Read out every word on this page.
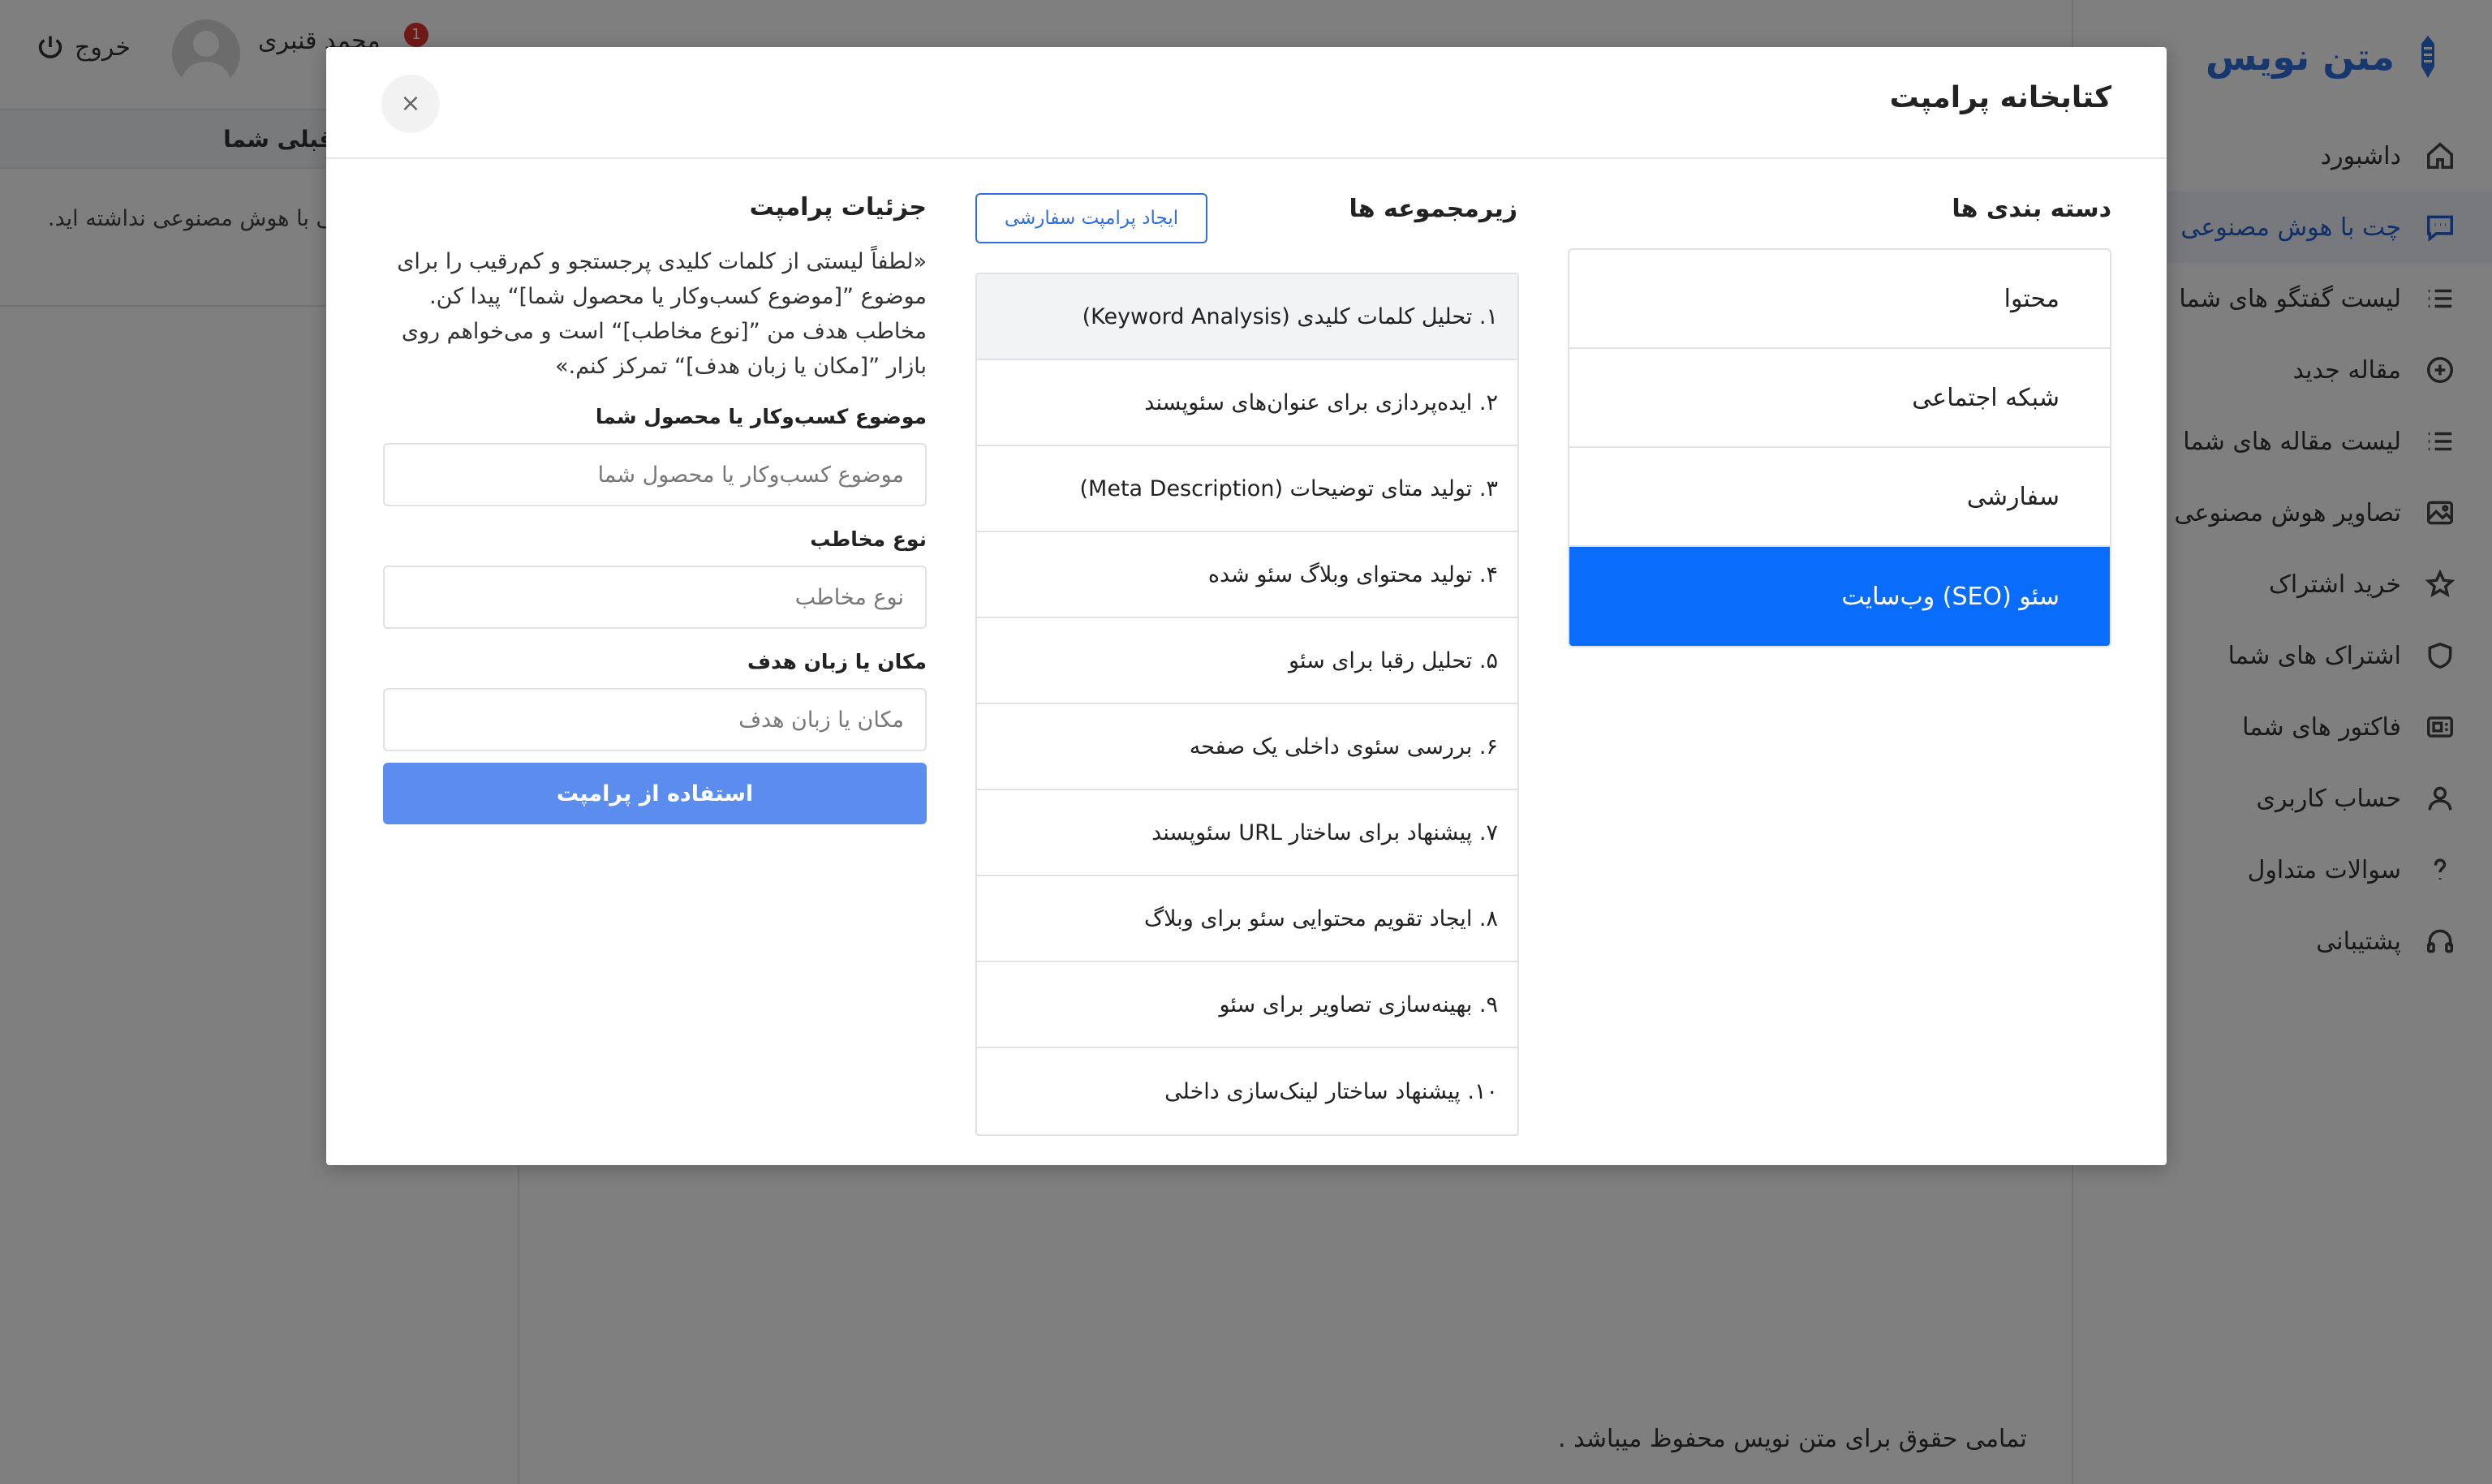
کتابخانه پرامپت
×
دسته بندی ها
محتوا
شبکه اجتماعی
سفارشی
سئو (SEO) وب‌سایت
زیرمجموعه ها
ایجاد پرامپت سفارشی
۱. تحلیل کلمات کلیدی (Keyword Analysis)
۲. ایده‌پردازی برای عنوان‌های سئوپسند
۳. تولید متای توضیحات (Meta Description)
۴. تولید محتوای وبلاگ سئو شده
۵. تحلیل رقبا برای سئو
۶. بررسی سئوی داخلی یک صفحه
۷. پیشنهاد برای ساختار URL سئوپسند
۸. ایجاد تقویم محتوایی سئو برای وبلاگ
۹. بهینه‌سازی تصاویر برای سئو
۱۰. پیشنهاد ساختار لینک‌سازی داخلی
جزئیات پرامپت
«لطفاً لیستی از کلمات کلیدی پرجستجو و کم‌رقیب را برای موضوع ”[موضوع کسب‌وکار یا محصول شما]“ پیدا کن. مخاطب هدف من ”[نوع مخاطب]“ است و می‌خواهم روی بازار ”[مکان یا زبان هدف]“ تمرکز کنم.»
موضوع کسب‌وکار یا محصول شما
موضوع کسب‌وکار یا محصول شما
نوع مخاطب
نوع مخاطب
مکان یا زبان هدف
مکان یا زبان هدف استفاده از پرامپت
